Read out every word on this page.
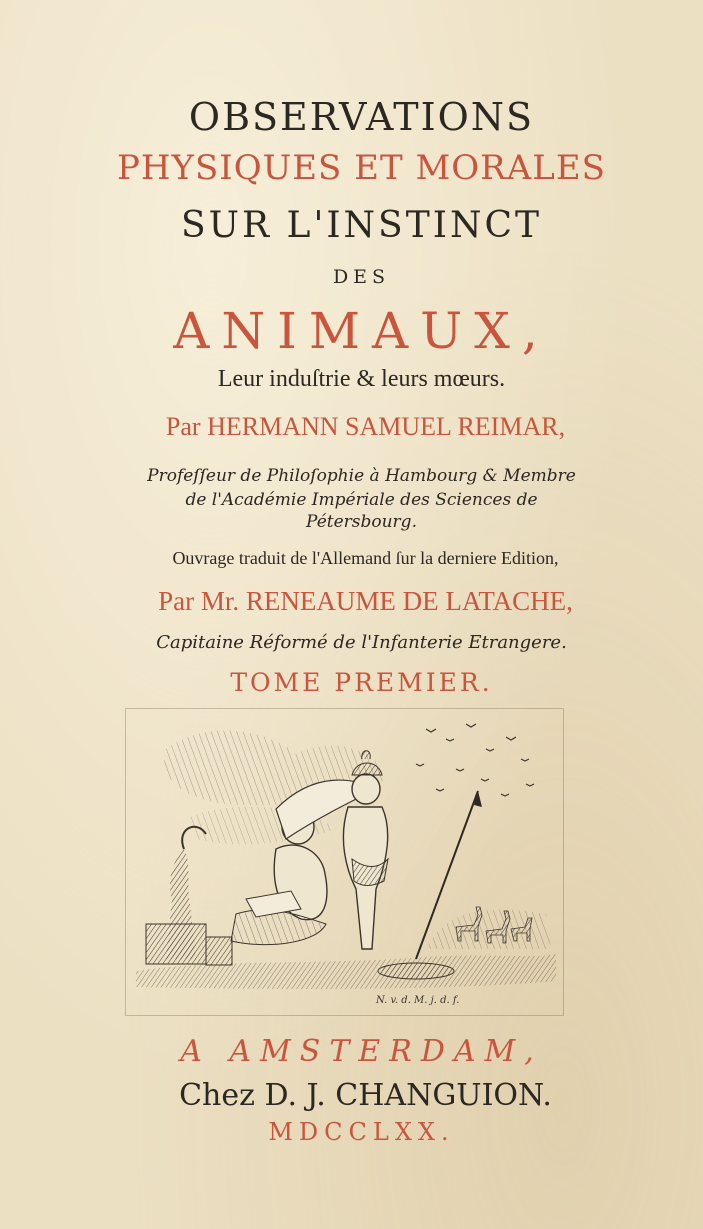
OBSERVATIONS
PHYSIQUES ET MORALES
SUR L'INSTINCT
DES
ANIMAUX,
Leur induſtrie & leurs mœurs.
Par HERMANN SAMUEL REIMAR,
Profeſſeur de Philoſophie à Hambourg & Membre
de l'Académie Impériale des Sciences de
Pétersbourg.
Ouvrage traduit de l'Allemand ſur la derniere Edition,
Par Mr. RENEAUME DE LATACHE,
Capitaine Réformé de l'Infanterie Etrangere.
TOME PREMIER.
N. v. d. M. j. d. f.
A AMSTERDAM,
Chez D. J. CHANGUION.
MDCCLXX.
